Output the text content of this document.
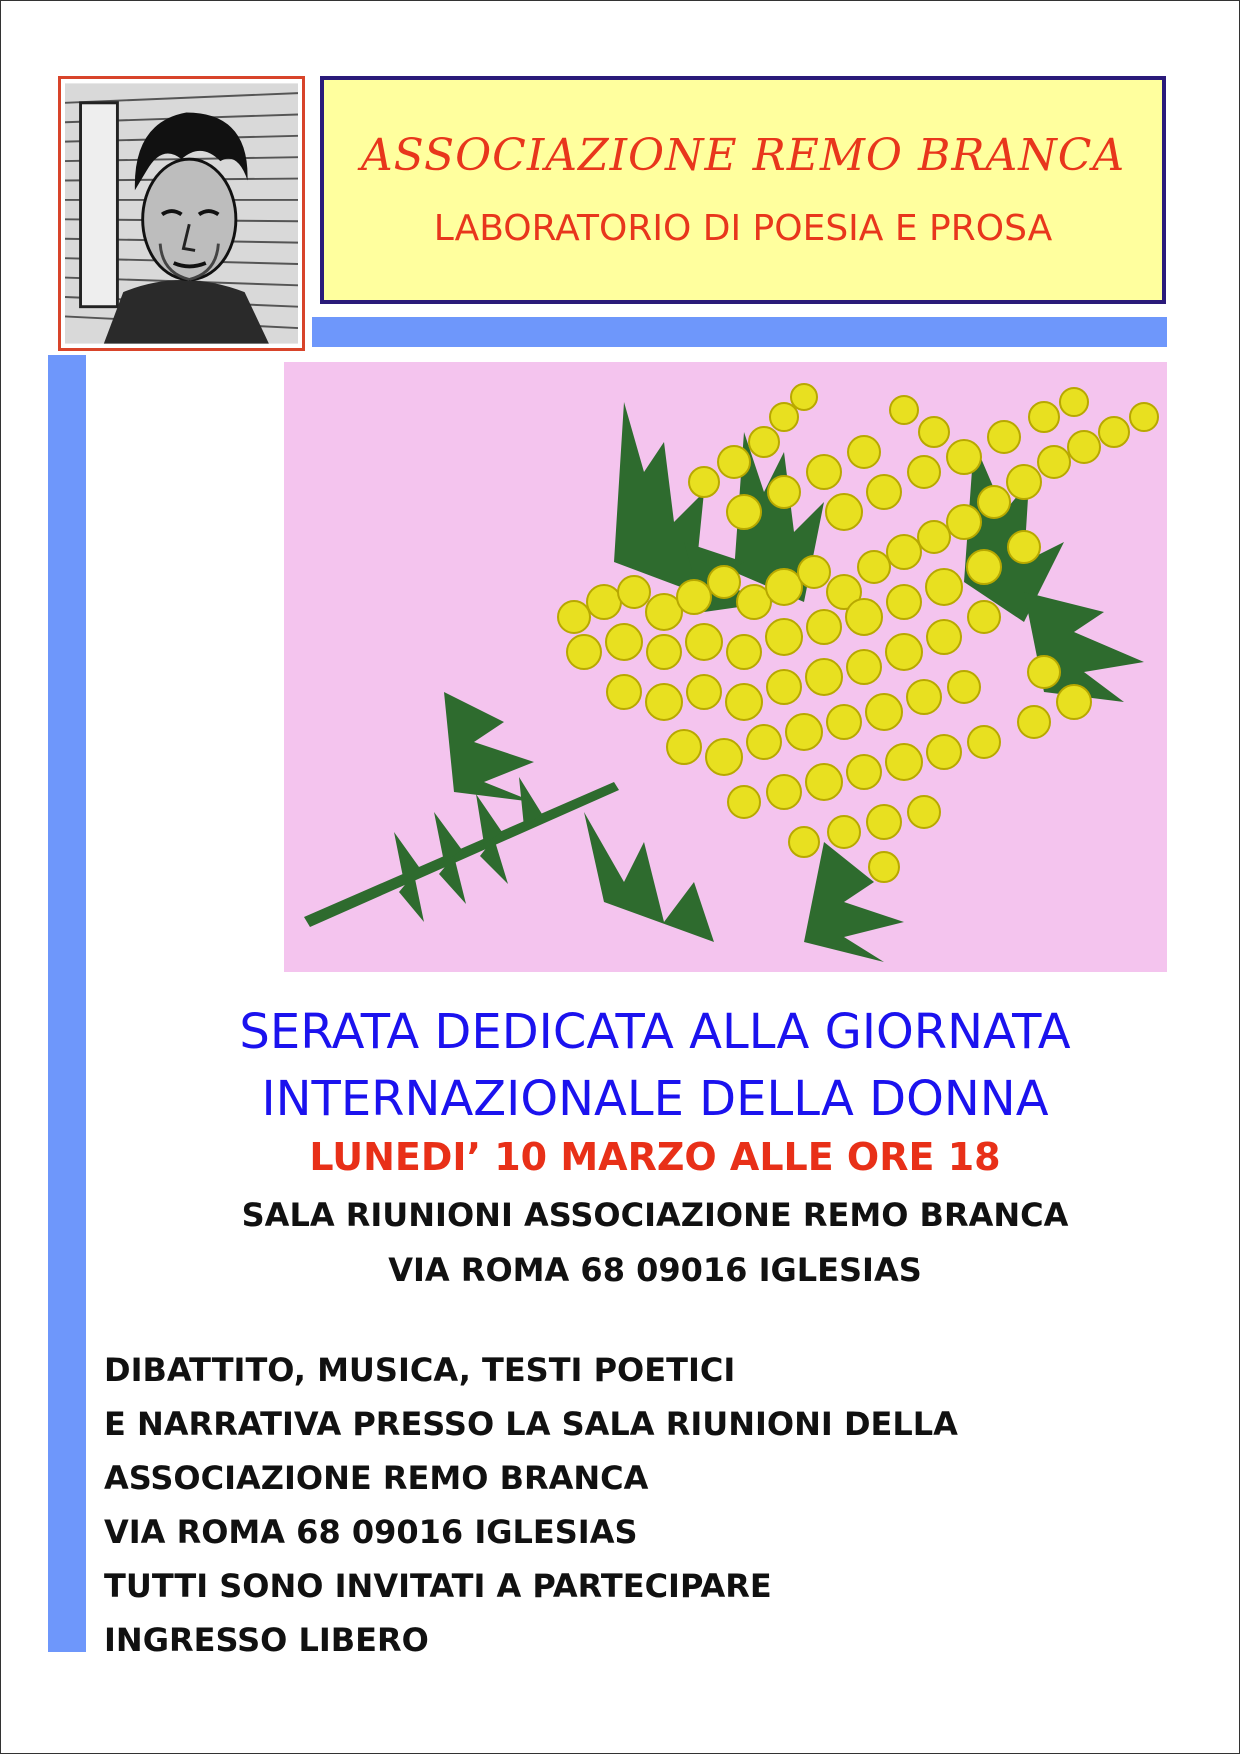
ASSOCIAZIONE REMO BRANCA
LABORATORIO DI POESIA E PROSA
SERATA DEDICATA ALLA GIORNATA
INTERNAZIONALE DELLA DONNA
LUNEDI’ 10 MARZO ALLE ORE 18
SALA RIUNIONI ASSOCIAZIONE REMO BRANCA
VIA ROMA 68 09016 IGLESIAS
DIBATTITO, MUSICA, TESTI POETICI
E NARRATIVA PRESSO LA SALA RIUNIONI DELLA
ASSOCIAZIONE REMO BRANCA
VIA ROMA 68 09016 IGLESIAS
TUTTI SONO INVITATI A PARTECIPARE
INGRESSO LIBERO
